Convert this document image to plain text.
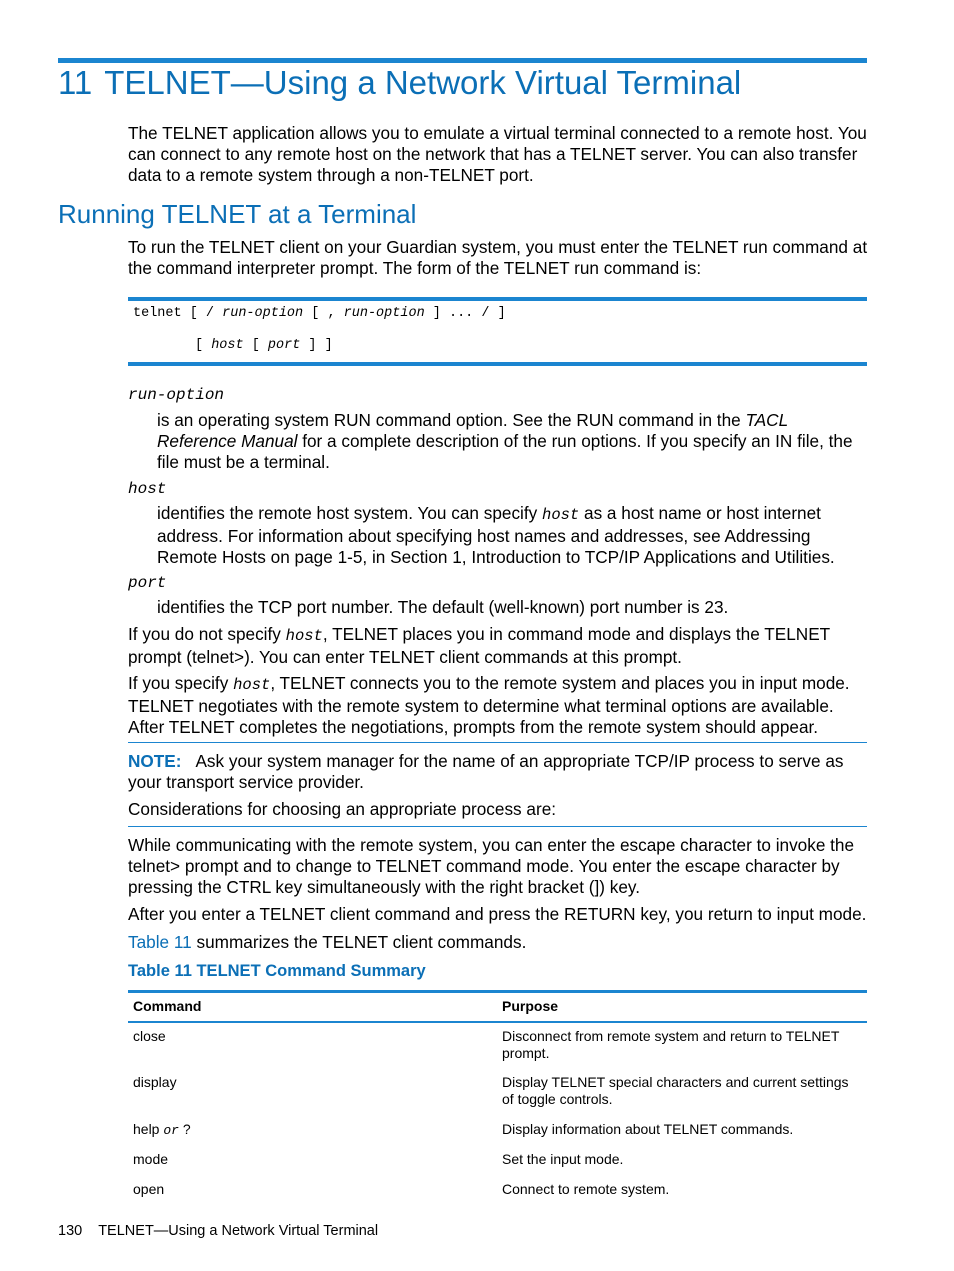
11 TELNET—Using a Network Virtual Terminal
The TELNET application allows you to emulate a virtual terminal connected to a remote host. You can connect to any remote host on the network that has a TELNET server. You can also transfer data to a remote system through a non-TELNET port.
Running TELNET at a Terminal
To run the TELNET client on your Guardian system, you must enter the TELNET run command at the command interpreter prompt. The form of the TELNET run command is:
telnet [ / run-option [ , run-option ] ... / ]
[ host [ port ] ]
run-option
is an operating system RUN command option. See the RUN command in the TACL Reference Manual for a complete description of the run options. If you specify an IN file, the file must be a terminal.
host
identifies the remote host system. You can specify host as a host name or host internet address. For information about specifying host names and addresses, see Addressing Remote Hosts on page 1-5, in Section 1, Introduction to TCP/IP Applications and Utilities.
port
identifies the TCP port number. The default (well-known) port number is 23.
If you do not specify host, TELNET places you in command mode and displays the TELNET prompt (telnet>). You can enter TELNET client commands at this prompt.
If you specify host, TELNET connects you to the remote system and places you in input mode. TELNET negotiates with the remote system to determine what terminal options are available. After TELNET completes the negotiations, prompts from the remote system should appear.
NOTE: Ask your system manager for the name of an appropriate TCP/IP process to serve as your transport service provider.
Considerations for choosing an appropriate process are:
While communicating with the remote system, you can enter the escape character to invoke the telnet> prompt and to change to TELNET command mode. You enter the escape character by pressing the CTRL key simultaneously with the right bracket (]) key.
After you enter a TELNET client command and press the RETURN key, you return to input mode.
Table 11 summarizes the TELNET client commands.
Table 11 TELNET Command Summary
Command	Purpose
close	Disconnect from remote system and return to TELNET prompt.
display	Display TELNET special characters and current settings of toggle controls.
help or ?	Display information about TELNET commands.
mode	Set the input mode.
open	Connect to remote system.
130 TELNET—Using a Network Virtual Terminal
